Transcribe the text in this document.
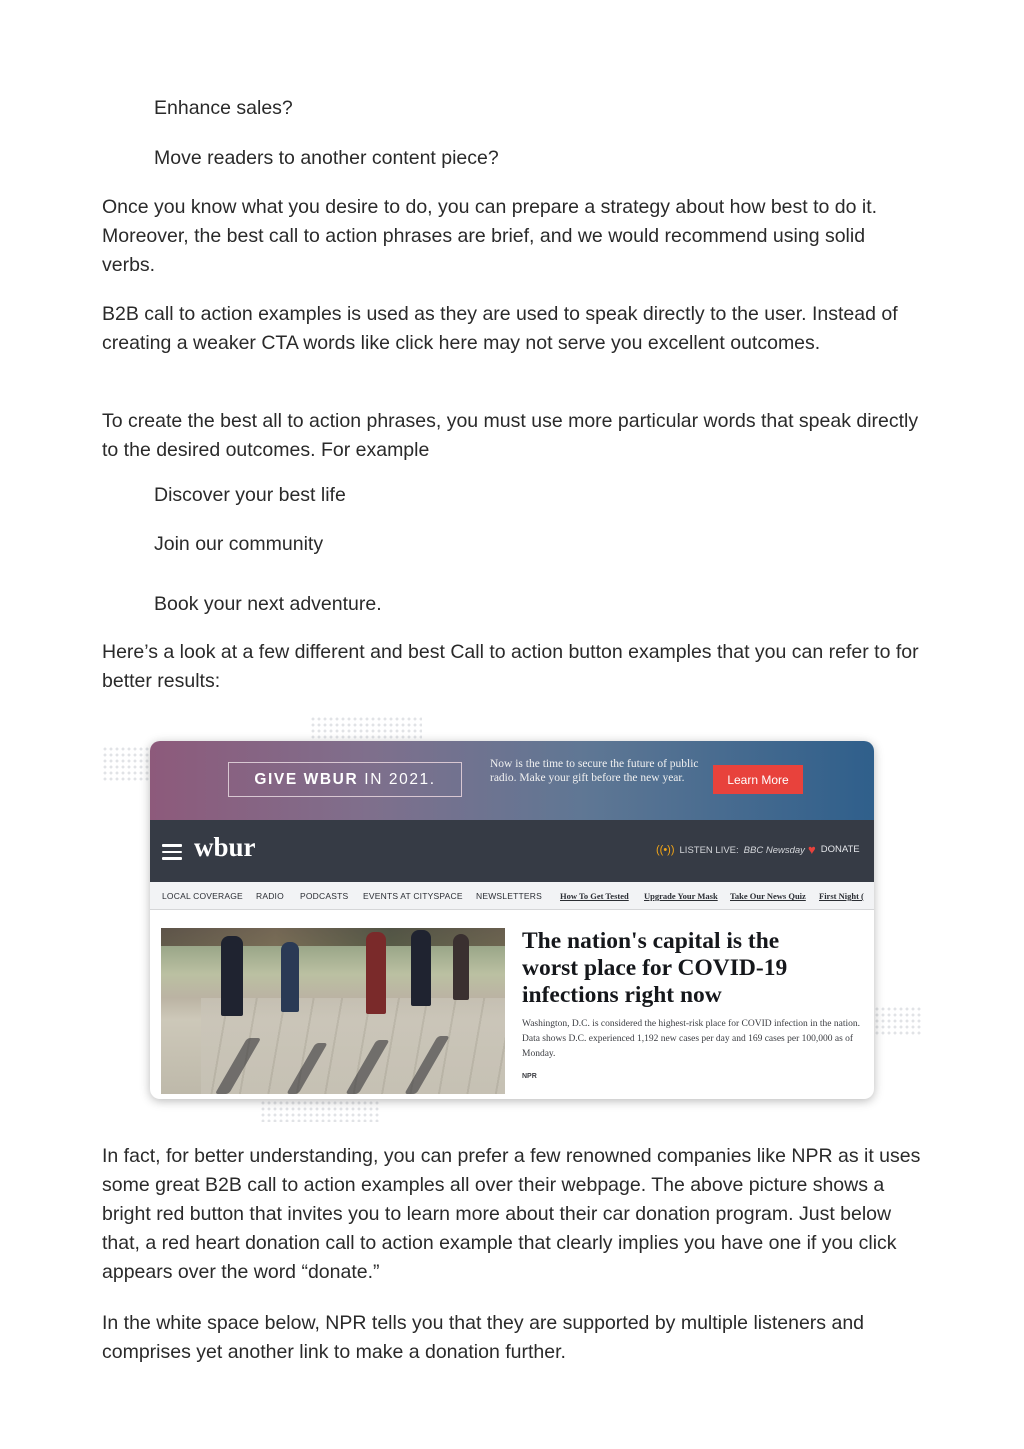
Enhance sales?

Move readers to another content piece?

Once you know what you desire to do, you can prepare a strategy about how best to do it. Moreover, the best call to action phrases are brief, and we would recommend using solid verbs.

B2B call to action examples is used as they are used to speak directly to the user. Instead of creating a weaker CTA words like click here may not serve you excellent outcomes.

To create the best all to action phrases, you must use more particular words that speak directly to the desired outcomes. For example

Discover your best life

Join our community

Book your next adventure.

Here’s a look at a few different and best Call to action button examples that you can refer to for better results:

GIVE WBUR IN 2021.
Now is the time to secure the future of public radio. Make your gift before the new year.	Learn More
wbur	((•)) LISTEN LIVE: BBC Newsday ♥ DONATE
LOCAL COVERAGE RADIO PODCASTS EVENTS AT CITYSPACE NEWSLETTERS How To Get Tested Upgrade Your Mask Take Our News Quiz First Night (
The nation's capital is the worst place for COVID-19 infections right now
Washington, D.C. is considered the highest-risk place for COVID infection in the nation. Data shows D.C. experienced 1,192 new cases per day and 169 cases per 100,000 as of Monday.
NPR

In fact, for better understanding, you can prefer a few renowned companies like NPR as it uses some great B2B call to action examples all over their webpage. The above picture shows a bright red button that invites you to learn more about their car donation program. Just below that, a red heart donation call to action example that clearly implies you have one if you click appears over the word “donate.”

In the white space below, NPR tells you that they are supported by multiple listeners and comprises yet another link to make a donation further.
